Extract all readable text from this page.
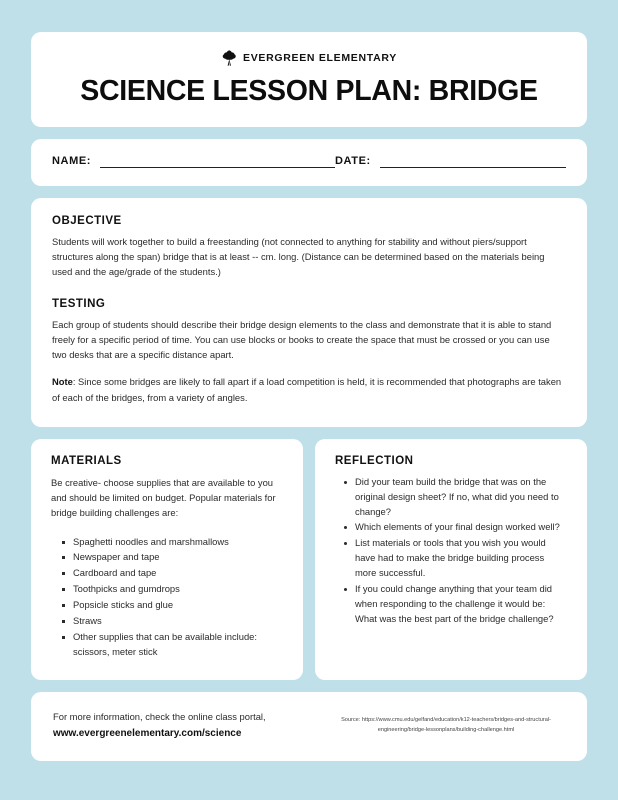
EVERGREEN ELEMENTARY
SCIENCE LESSON PLAN: BRIDGE
NAME:	DATE:
OBJECTIVE

Students will work together to build a freestanding (not connected to anything for stability and without piers/support structures along the span) bridge that is at least -- cm. long. (Distance can be determined based on the materials being used and the age/grade of the students.)

TESTING

Each group of students should describe their bridge design elements to the class and demonstrate that it is able to stand freely for a specific period of time. You can use blocks or books to create the space that must be crossed or you can use two desks that are a specific distance apart.

Note: Since some bridges are likely to fall apart if a load competition is held, it is recommended that photographs are taken of each of the bridges, from a variety of angles.

MATERIALS

Be creative- choose supplies that are available to you and should be limited on budget. Popular materials for bridge building challenges are:

Spaghetti noodles and marshmallows
Newspaper and tape
Cardboard and tape
Toothpicks and gumdrops
Popsicle sticks and glue
Straws
Other supplies that can be available include: scissors, meter stick
REFLECTION
Did your team build the bridge that was on the original design sheet? If no, what did you need to change?
Which elements of your final design worked well?
List materials or tools that you wish you would have had to make the bridge building process more successful.
If you could change anything that your team did when responding to the challenge it would be: What was the best part of the bridge challenge?
For more information, check the online class portal,
www.evergreenelementary.com/science
Source: https://www.cmu.edu/gelfand/education/k12-teachers/bridges-and-structural-engineering/bridge-lessonplans/building-challenge.html
